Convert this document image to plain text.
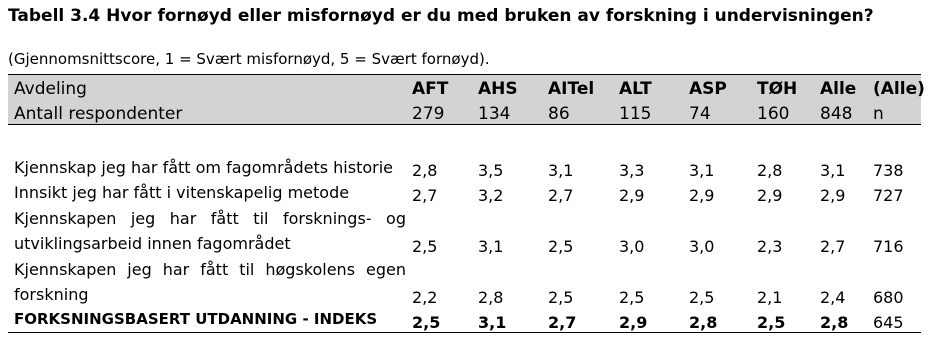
Tabell 3.4 Hvor fornøyd eller misfornøyd er du med bruken av forskning i undervisningen?
(Gjennomsnittscore, 1 = Svært misfornøyd, 5 = Svært fornøyd).
Avdeling	AFT	AHS	AITel	ALT	ASP	TØH	Alle	(Alle)
Antall respondenter	279	134	86	115	74	160	848	n
Kjennskap jeg har fått om fagområdets historie	2,8	3,5	3,1	3,3	3,1	2,8	3,1	738
Innsikt jeg har fått i vitenskapelig metode	2,7	3,2	2,7	2,9	2,9	2,9	2,9	727
Kjennskapen jeg har fått til forsknings- og utviklingsarbeid innen fagområdet	2,5	3,1	2,5	3,0	3,0	2,3	2,7	716
Kjennskapen jeg har fått til høgskolens egen forskning	2,2	2,8	2,5	2,5	2,5	2,1	2,4	680
FORKSNINGSBASERT UTDANNING - INDEKS	2,5	3,1	2,7	2,9	2,8	2,5	2,8	645
